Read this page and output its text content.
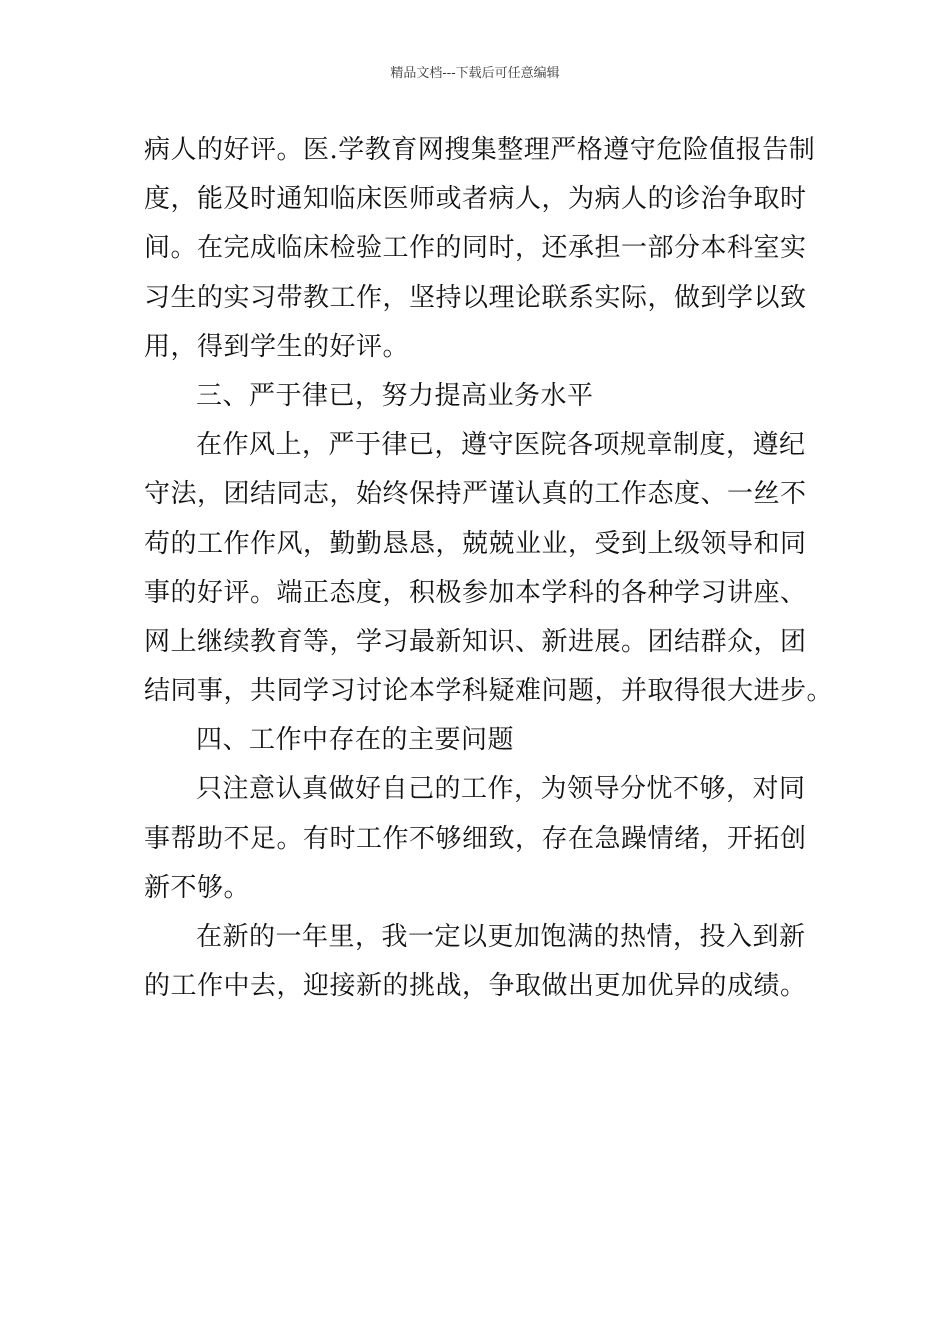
精品文档---下载后可任意编辑
病人的好评。医.学教育网搜集整理严格遵守危险值报告制
度，能及时通知临床医师或者病人，为病人的诊治争取时
间。在完成临床检验工作的同时，还承担一部分本科室实
习生的实习带教工作，坚持以理论联系实际，做到学以致
用，得到学生的好评。
三、严于律已，努力提高业务水平
在作风上，严于律已，遵守医院各项规章制度，遵纪
守法，团结同志，始终保持严谨认真的工作态度、一丝不
苟的工作作风，勤勤恳恳，兢兢业业，受到上级领导和同
事的好评。端正态度，积极参加本学科的各种学习讲座、
网上继续教育等，学习最新知识、新进展。团结群众，团
结同事，共同学习讨论本学科疑难问题，并取得很大进步。
四、工作中存在的主要问题
只注意认真做好自己的工作，为领导分忧不够，对同
事帮助不足。有时工作不够细致，存在急躁情绪，开拓创
新不够。
在新的一年里，我一定以更加饱满的热情，投入到新
的工作中去，迎接新的挑战，争取做出更加优异的成绩。
